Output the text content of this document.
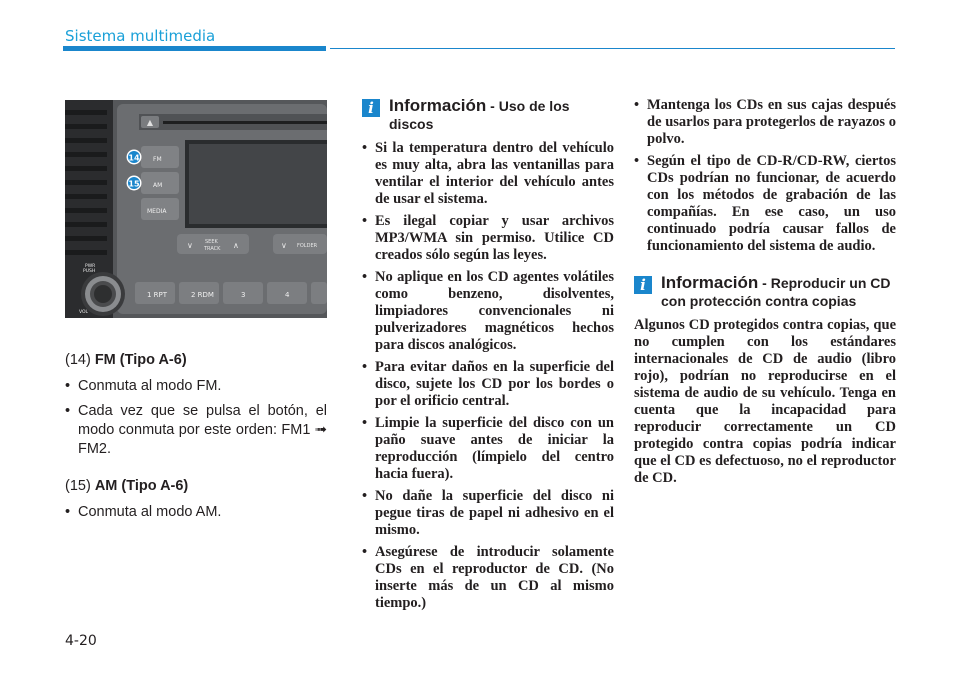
Sistema multimedia
▲
FM
AM
MEDIA
14
15
∨ SEEK
TRACK ∧	∨ FOLDER
PWR
PUSH
VOL
1 RPT	2 RDM	3	4
(14) FM (Tipo A-6)
• Conmuta al modo FM.
• Cada vez que se pulsa el botón, el modo conmuta por este orden: FM1 ➟ FM2.
(15) AM (Tipo A-6)
• Conmuta al modo AM.
i Información - Uso de los discos
• Si la temperatura dentro del vehículo es muy alta, abra las ventanillas para ventilar el interior del vehículo antes de usar el sistema.
• Es ilegal copiar y usar archivos MP3/WMA sin permiso. Utilice CD creados sólo según las leyes.
• No aplique en los CD agentes volátiles como benzeno, disolventes, limpiadores convencionales ni pulverizadores magnéticos hechos para discos analógicos.
• Para evitar daños en la superficie del disco, sujete los CD por los bordes o por el orificio central.
• Limpie la superficie del disco con un paño suave antes de iniciar la reproducción (límpielo del centro hacia fuera).
• No dañe la superficie del disco ni pegue tiras de papel ni adhesivo en el mismo.
• Asegúrese de introducir solamente CDs en el reproductor de CD. (No inserte más de un CD al mismo tiempo.)
• Mantenga los CDs en sus cajas después de usarlos para protegerlos de rayazos o polvo.
• Según el tipo de CD-R/CD-RW, ciertos CDs podrían no funcionar, de acuerdo con los métodos de grabación de las compañías. En ese caso, un uso continuado podría causar fallos de funcionamiento del sistema de audio.
i Información - Reproducir un CD con protección contra copias

Algunos CD protegidos contra copias, que no cumplen con los estándares internacionales de CD de audio (libro rojo), podrían no reproducirse en el sistema de audio de su vehículo. Tenga en cuenta que la incapacidad para reproducir correctamente un CD protegido contra copias podría indicar que el CD es defectuoso, no el reproductor de CD.

4-20
